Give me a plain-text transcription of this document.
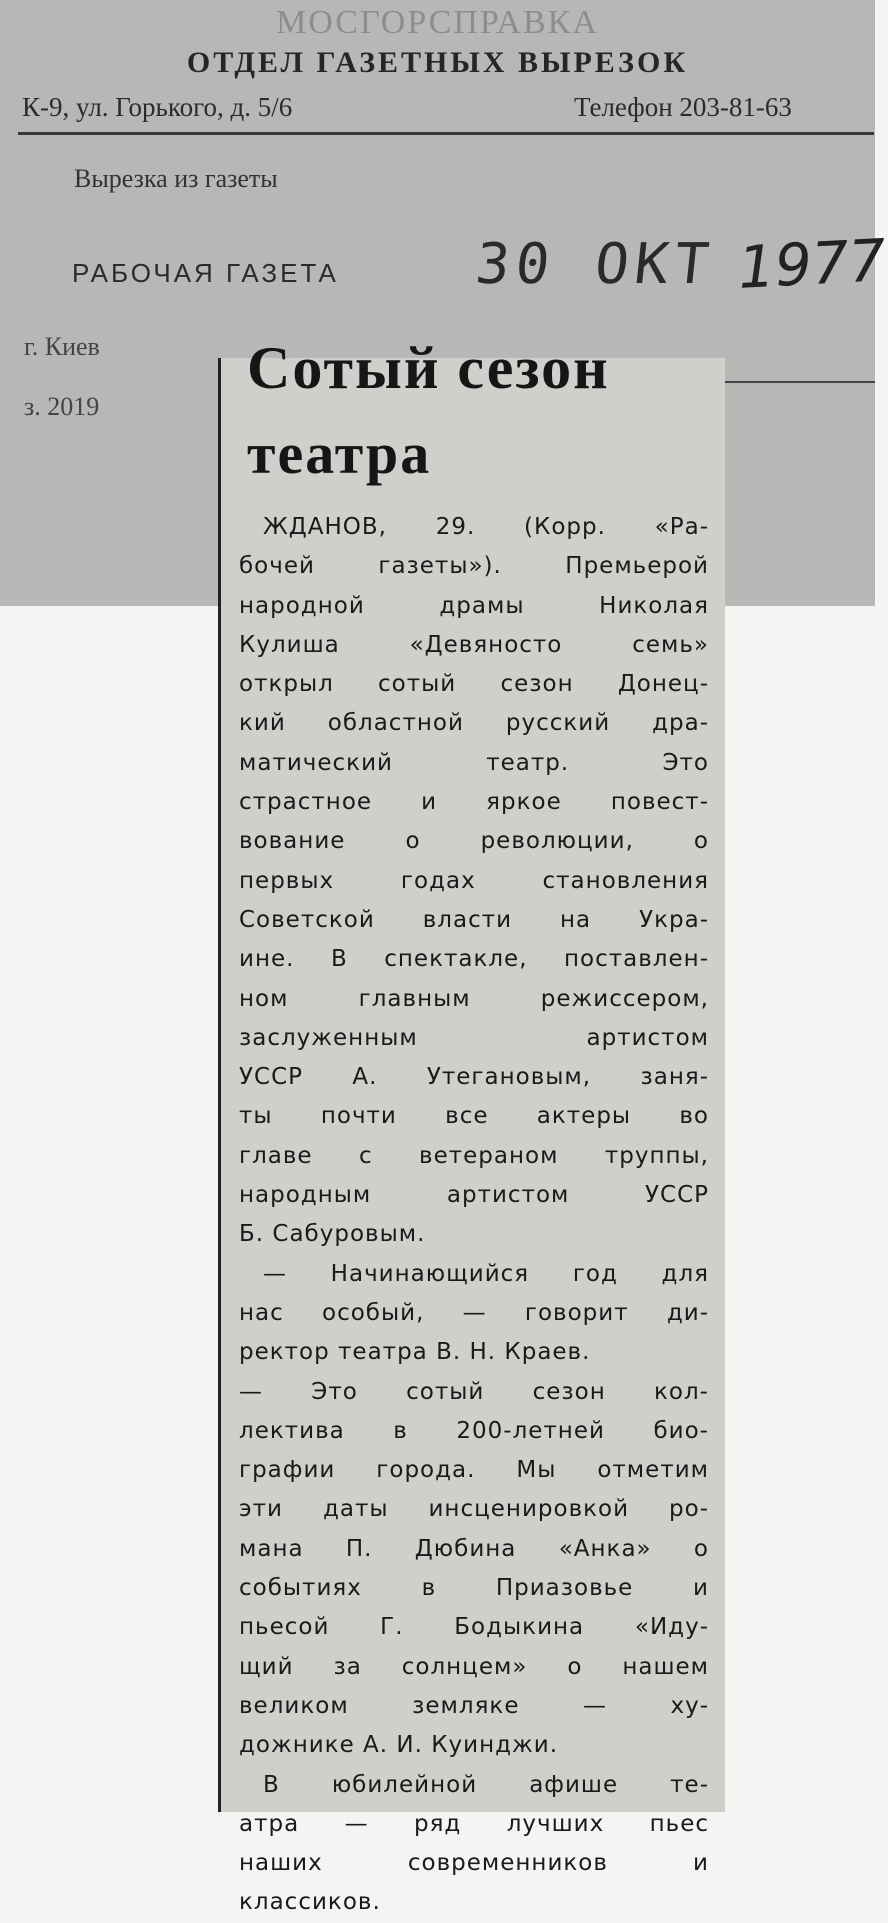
МОСГОРСПРАВКА
ОТДЕЛ ГАЗЕТНЫХ ВЫРЕЗОК
К-9, ул. Горького, д. 5/6	Телефон 203-81-63
Вырезка из газеты
РАБОЧАЯ ГАЗЕТА 30 ОКТ 1977
г. Киев
з. 2019
Сотый сезон
театра
ЖДАНОВ, 29. (Корр. «Ра-
бочей газеты»). Премьерой
народной драмы Николая
Кулиша «Девяносто семь»
открыл сотый сезон Донец-
кий областной русский дра-
матический театр. Это
страстное и яркое повест-
вование о революции, о
первых годах становления
Советской власти на Укра-
ине. В спектакле, поставлен-
ном главным режиссером,
заслуженным артистом
УССР А. Утегановым, заня-
ты почти все актеры во
главе с ветераном труппы,
народным артистом УССР
Б. Сабуровым.
— Начинающийся год для
нас особый, — говорит ди-
ректор театра В. Н. Краев.
— Это сотый сезон кол-
лектива в 200-летней био-
графии города. Мы отметим
эти даты инсценировкой ро-
мана П. Дюбина «Анка» о
событиях в Приазовье и
пьесой Г. Бодыкина «Иду-
щий за солнцем» о нашем
великом земляке — ху-
дожнике А. И. Куинджи.
В юбилейной афише те-
атра — ряд лучших пьес
наших современников и
классиков.
